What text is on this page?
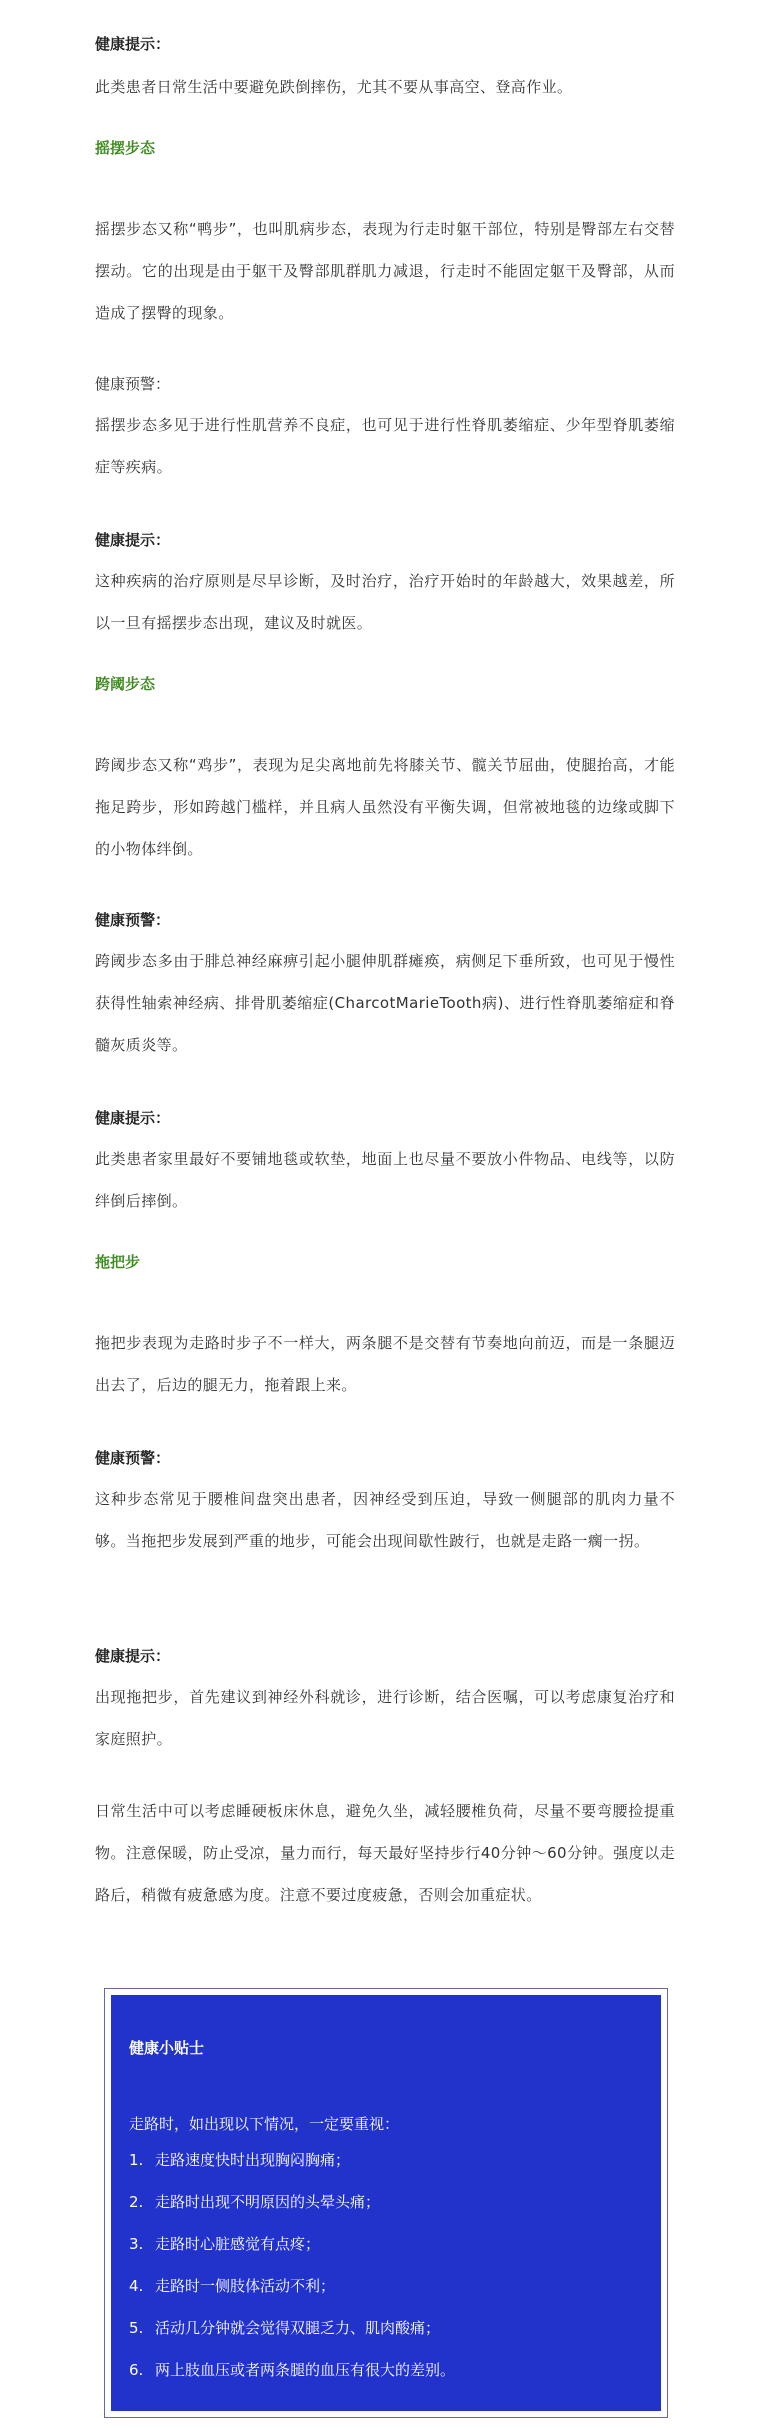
健康提示：
此类患者日常生活中要避免跌倒摔伤，尤其不要从事高空、登高作业。
摇摆步态
摇摆步态又称“鸭步”，也叫肌病步态，表现为行走时躯干部位，特别是臀部左右交替摆动。它的出现是由于躯干及臀部肌群肌力减退，行走时不能固定躯干及臀部，从而造成了摆臀的现象。
健康预警：
摇摆步态多见于进行性肌营养不良症，也可见于进行性脊肌萎缩症、少年型脊肌萎缩症等疾病。
健康提示：
这种疾病的治疗原则是尽早诊断，及时治疗，治疗开始时的年龄越大，效果越差，所以一旦有摇摆步态出现，建议及时就医。
跨阈步态
跨阈步态又称“鸡步”，表现为足尖离地前先将膝关节、髋关节屈曲，使腿抬高，才能拖足跨步，形如跨越门槛样，并且病人虽然没有平衡失调，但常被地毯的边缘或脚下的小物体绊倒。
健康预警：
跨阈步态多由于腓总神经麻痹引起小腿伸肌群瘫痪，病侧足下垂所致，也可见于慢性获得性轴索神经病、排骨肌萎缩症(CharcotMarieTooth病)、进行性脊肌萎缩症和脊髓灰质炎等。
健康提示：
此类患者家里最好不要铺地毯或软垫，地面上也尽量不要放小件物品、电线等，以防绊倒后摔倒。
拖把步
拖把步表现为走路时步子不一样大，两条腿不是交替有节奏地向前迈，而是一条腿迈出去了，后边的腿无力，拖着跟上来。
健康预警：
这种步态常见于腰椎间盘突出患者，因神经受到压迫，导致一侧腿部的肌肉力量不够。当拖把步发展到严重的地步，可能会出现间歇性跛行，也就是走路一瘸一拐。
健康提示：
出现拖把步，首先建议到神经外科就诊，进行诊断，结合医嘱，可以考虑康复治疗和家庭照护。
日常生活中可以考虑睡硬板床休息，避免久坐，减轻腰椎负荷，尽量不要弯腰捡提重物。注意保暖，防止受凉，量力而行，每天最好坚持步行40分钟～60分钟。强度以走路后，稍微有疲惫感为度。注意不要过度疲惫，否则会加重症状。
健康小贴士
走路时，如出现以下情况，一定要重视：
1. 走路速度快时出现胸闷胸痛；
2. 走路时出现不明原因的头晕头痛；
3. 走路时心脏感觉有点疼；
4. 走路时一侧肢体活动不利；
5. 活动几分钟就会觉得双腿乏力、肌肉酸痛；
6. 两上肢血压或者两条腿的血压有很大的差别。
